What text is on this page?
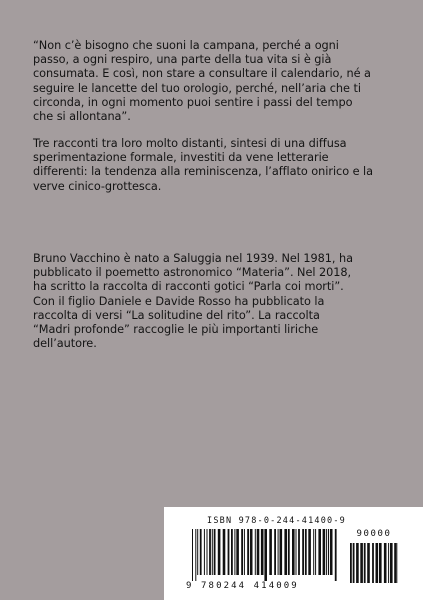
“Non c’è bisogno che suoni la campana, perché a ogni
passo, a ogni respiro, una parte della tua vita si è già
consumata. E così, non stare a consultare il calendario, né a
seguire le lancette del tuo orologio, perché, nell’aria che ti
circonda, in ogni momento puoi sentire i passi del tempo
che si allontana”.

Tre racconti tra loro molto distanti, sintesi di una diffusa
sperimentazione formale, investiti da vene letterarie
differenti: la tendenza alla reminiscenza, l’afflato onirico e la
verve cinico-grottesca.

Bruno Vacchino è nato a Saluggia nel 1939. Nel 1981, ha
pubblicato il poemetto astronomico “Materia”. Nel 2018,
ha scritto la raccolta di racconti gotici “Parla coi morti”.
Con il figlio Daniele e Davide Rosso ha pubblicato la
raccolta di versi “La solitudine del rito”. La raccolta
“Madri profonde” raccoglie le più importanti liriche
dell’autore.

ISBN 978-0-244-41400-9
90000
9 780244 414009
